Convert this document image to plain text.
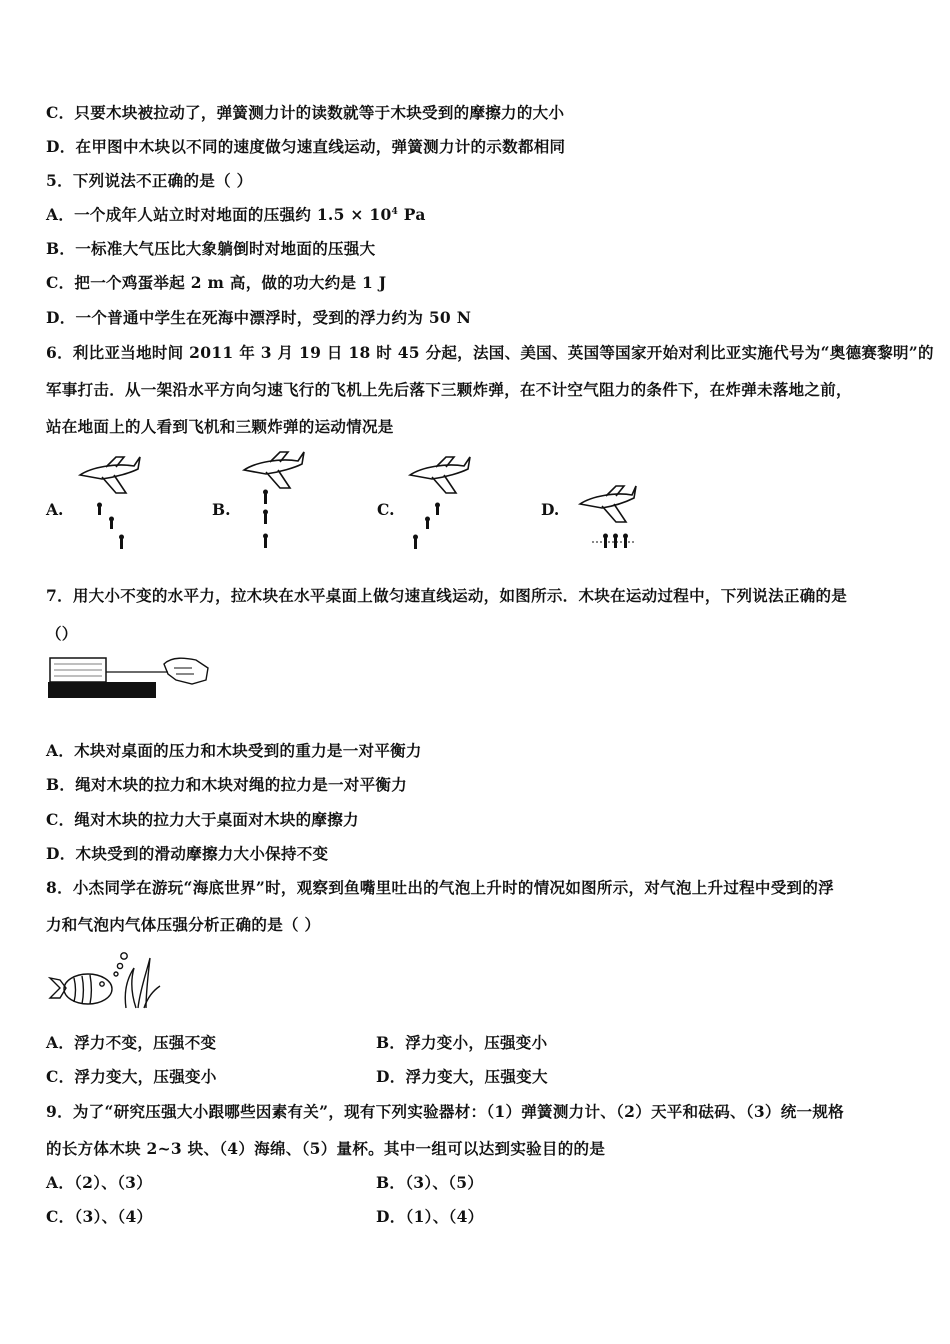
C．只要木块被拉动了，弹簧测力计的读数就等于木块受到的摩擦力的大小
D．在甲图中木块以不同的速度做匀速直线运动，弹簧测力计的示数都相同
5．下列说法不正确的是（ ）
A．一个成年人站立时对地面的压强约 $1.5 \times 10^4$ Pa
B．一标准大气压比大象躺倒时对地面的压强大
C．把一个鸡蛋举起 2 m 高，做的功大约是 1 J
D．一个普通中学生在死海中漂浮时，受到的浮力约为 50 N
6．利比亚当地时间 2011 年 3 月 19 日 18 时 45 分起，法国、美国、英国等国家开始对利比亚实施代号为“奥德赛黎明”的
军事打击．从一架沿水平方向匀速飞行的飞机上先后落下三颗炸弹，在不计空气阻力的条件下，在炸弹未落地之前，
站在地面上的人看到飞机和三颗炸弹的运动情况是
A.	B.	C.	D.
7．用大小不变的水平力，拉木块在水平桌面上做匀速直线运动，如图所示．木块在运动过程中，下列说法正确的是
（）
A．木块对桌面的压力和木块受到的重力是一对平衡力
B．绳对木块的拉力和木块对绳的拉力是一对平衡力
C．绳对木块的拉力大于桌面对木块的摩擦力
D．木块受到的滑动摩擦力大小保持不变
8．小杰同学在游玩“海底世界”时，观察到鱼嘴里吐出的气泡上升时的情况如图所示，对气泡上升过程中受到的浮
力和气泡内气体压强分析正确的是（ ）
A．浮力不变，压强不变	B．浮力变小，压强变小
C．浮力变大，压强变小	D．浮力变大，压强变大
9．为了“研究压强大小跟哪些因素有关”，现有下列实验器材：（1）弹簧测力计、（2）天平和砝码、（3）统一规格
的长方体木块 2~3 块、（4）海绵、（5）量杯。其中一组可以达到实验目的的是
A．（2）、（3）	B．（3）、（5）
C．（3）、（4）	D．（1）、（4）
